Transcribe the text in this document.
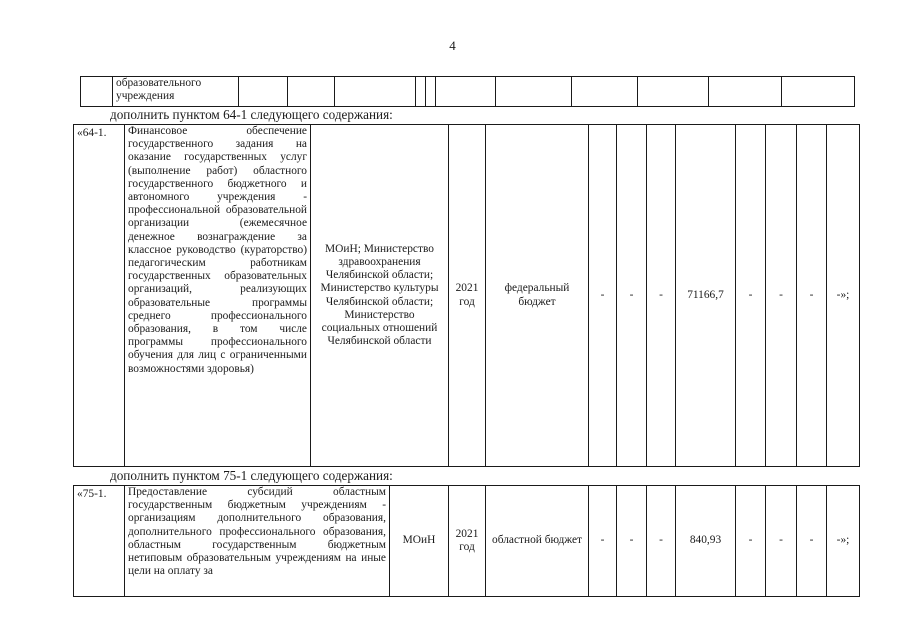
4
	образовательного учреждения											
дополнить пунктом 64-1 следующего содержания:
«64-1.	Финансовое обеспечение государственного задания на оказание государственных услуг (выполнение работ) областного государственного бюджетного и автономного учреждения - профессиональной образовательной организации (ежемесячное денежное вознаграждение за классное руководство (кураторство) педагогическим работникам государственных образовательных организаций, реализующих образовательные программы среднего профессионального образования, в том числе программы профессионального обучения для лиц с ограниченными возможностями здоровья)	МОиН; Министерство здравоохранения Челябинской области; Министерство культуры Челябинской области; Министерство социальных отношений Челябинской области	2021 год	федеральный бюджет	-	-	-	71166,7	-	-	-	-»;
дополнить пунктом 75-1 следующего содержания:
«75-1.	Предоставление субсидий областным государственным бюджетным учреждениям - организациям дополнительного образования, дополнительного профессионального образования, областным государственным бюджетным нетиповым образовательным учреждениям на иные цели на оплату за	МОиН	2021 год	областной бюджет	-	-	-	840,93	-	-	-	-»;
